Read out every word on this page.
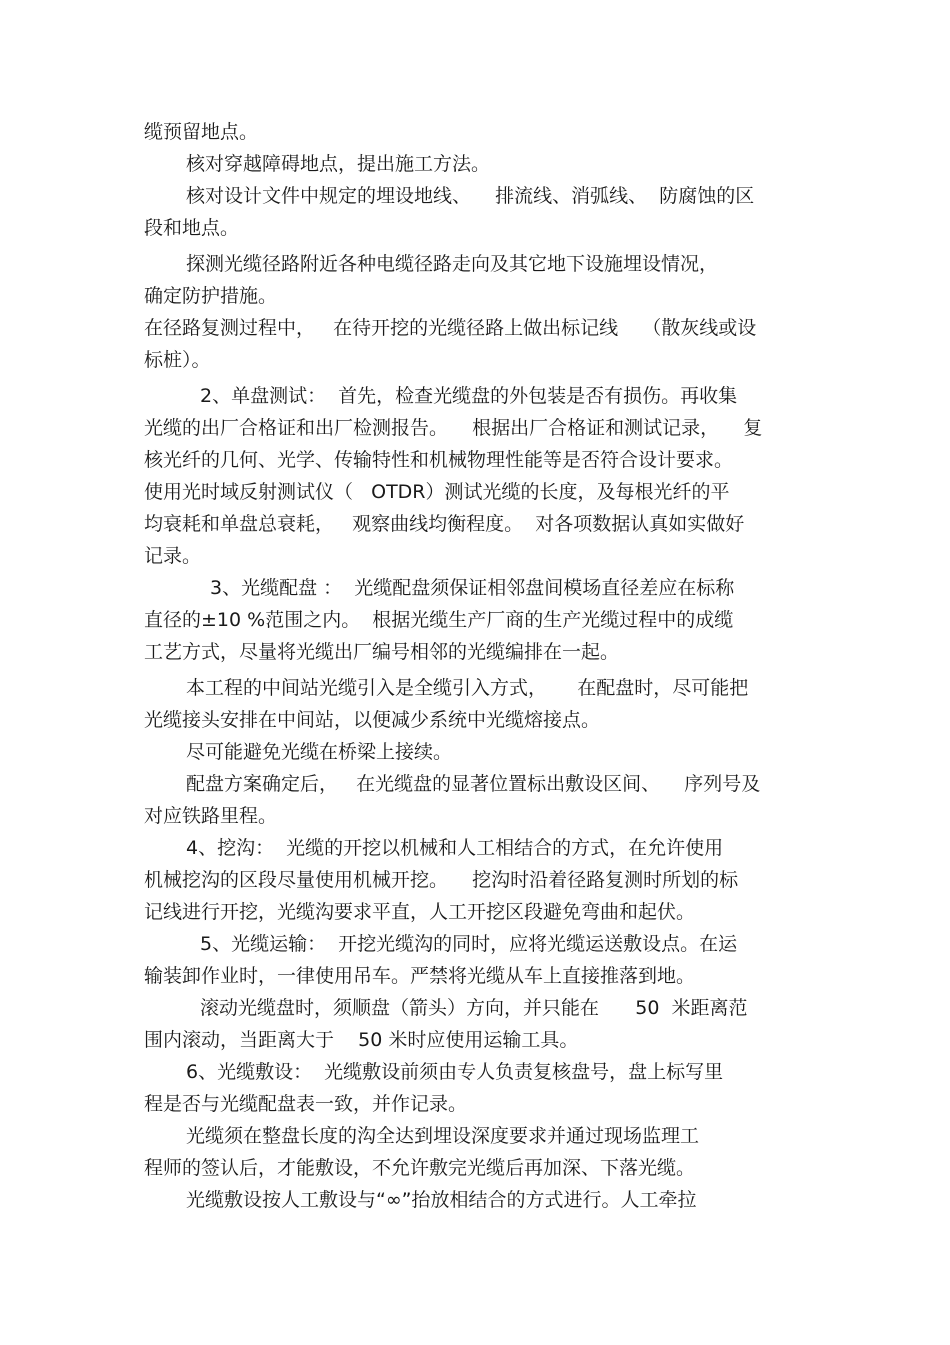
缆预留地点。
核对穿越障碍地点，提出施工方法。
核对设计文件中规定的埋设地线、    排流线、消弧线、  防腐蚀的区
段和地点。
探测光缆径路附近各种电缆径路走向及其它地下设施埋设情况，
确定防护措施。
在径路复测过程中，   在待开挖的光缆径路上做出标记线    （散灰线或设
标桩）。
2、单盘测试：  首先，检查光缆盘的外包装是否有损伤。再收集
光缆的出厂合格证和出厂检测报告。    根据出厂合格证和测试记录，    复
核光纤的几何、光学、传输特性和机械物理性能等是否符合设计要求。
使用光时域反射测试仪（   OTDR）测试光缆的长度，及每根光纤的平
均衰耗和单盘总衰耗，   观察曲线均衡程度。  对各项数据认真如实做好
记录。
3、光缆配盘 ：  光缆配盘须保证相邻盘间模场直径差应在标称
直径的±10 %范围之内。  根据光缆生产厂商的生产光缆过程中的成缆
工艺方式，尽量将光缆出厂编号相邻的光缆编排在一起。
本工程的中间站光缆引入是全缆引入方式，     在配盘时，尽可能把
光缆接头安排在中间站，以便减少系统中光缆熔接点。
尽可能避免光缆在桥梁上接续。
配盘方案确定后，   在光缆盘的显著位置标出敷设区间、    序列号及
对应铁路里程。
4、挖沟：  光缆的开挖以机械和人工相结合的方式，在允许使用
机械挖沟的区段尽量使用机械开挖。    挖沟时沿着径路复测时所划的标
记线进行开挖，光缆沟要求平直，人工开挖区段避免弯曲和起伏。
5、光缆运输：  开挖光缆沟的同时，应将光缆运送敷设点。在运
输装卸作业时，一律使用吊车。严禁将光缆从车上直接推落到地。
滚动光缆盘时，须顺盘（箭头）方向，并只能在      50  米距离范
围内滚动，当距离大于    50 米时应使用运输工具。
6、光缆敷设：  光缆敷设前须由专人负责复核盘号，盘上标写里
程是否与光缆配盘表一致，并作记录。
光缆须在整盘长度的沟全达到埋设深度要求并通过现场监理工
程师的签认后，才能敷设，不允许敷完光缆后再加深、下落光缆。
光缆敷设按人工敷设与“∞”抬放相结合的方式进行。人工牵拉
